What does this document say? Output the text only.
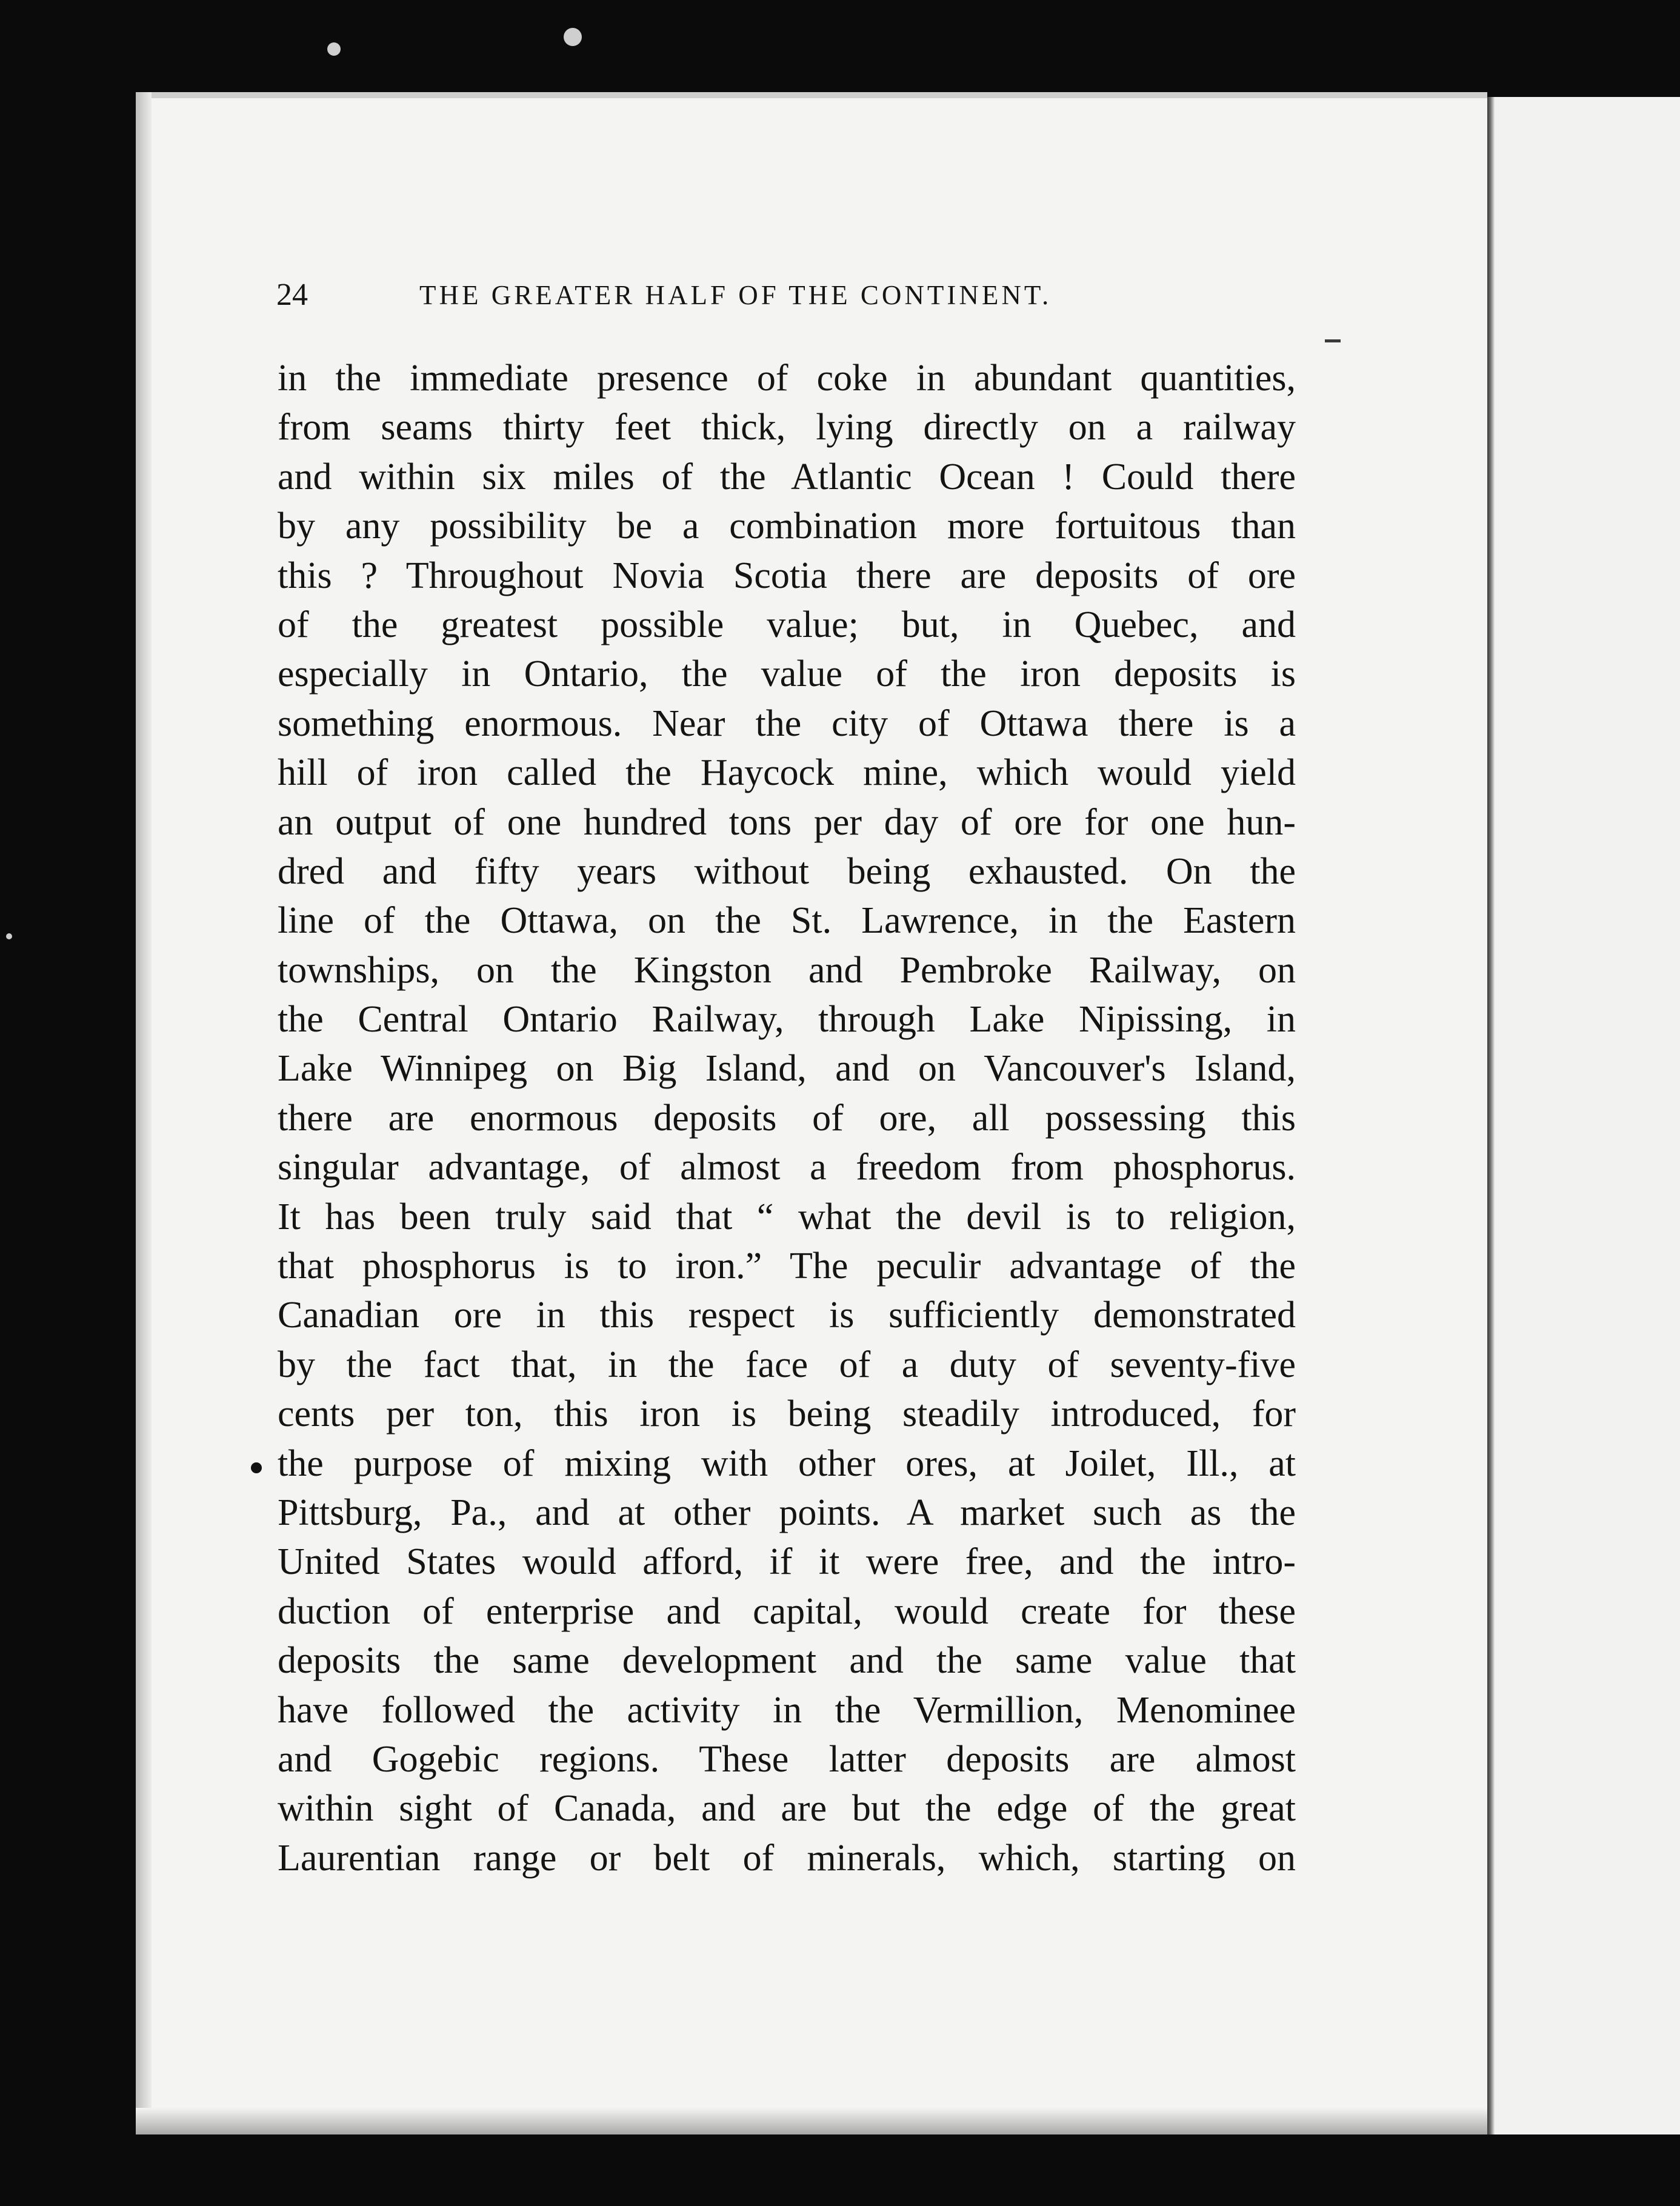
24	THE GREATER HALF OF THE CONTINENT.
in the immediate presence of coke in abundant quantities,
from seams thirty feet thick, lying directly on a railway
and within six miles of the Atlantic Ocean ! Could there
by any possibility be a combination more fortuitous than
this ? Throughout Novia Scotia there are deposits of ore
of the greatest possible value; but, in Quebec, and
especially in Ontario, the value of the iron deposits is
something enormous. Near the city of Ottawa there is a
hill of iron called the Haycock mine, which would yield
an output of one hundred tons per day of ore for one hun-
dred and fifty years without being exhausted. On the
line of the Ottawa, on the St. Lawrence, in the Eastern
townships, on the Kingston and Pembroke Railway, on
the Central Ontario Railway, through Lake Nipissing, in
Lake Winnipeg on Big Island, and on Vancouver's Island,
there are enormous deposits of ore, all possessing this
singular advantage, of almost a freedom from phosphorus.
It has been truly said that “ what the devil is to religion,
that phosphorus is to iron.” The peculir advantage of the
Canadian ore in this respect is sufficiently demonstrated
by the fact that, in the face of a duty of seventy-five
cents per ton, this iron is being steadily introduced, for
the purpose of mixing with other ores, at Joilet, Ill., at
Pittsburg, Pa., and at other points. A market such as the
United States would afford, if it were free, and the intro-
duction of enterprise and capital, would create for these
deposits the same development and the same value that
have followed the activity in the Vermillion, Menominee
and Gogebic regions. These latter deposits are almost
within sight of Canada, and are but the edge of the great
Laurentian range or belt of minerals, which, starting on
